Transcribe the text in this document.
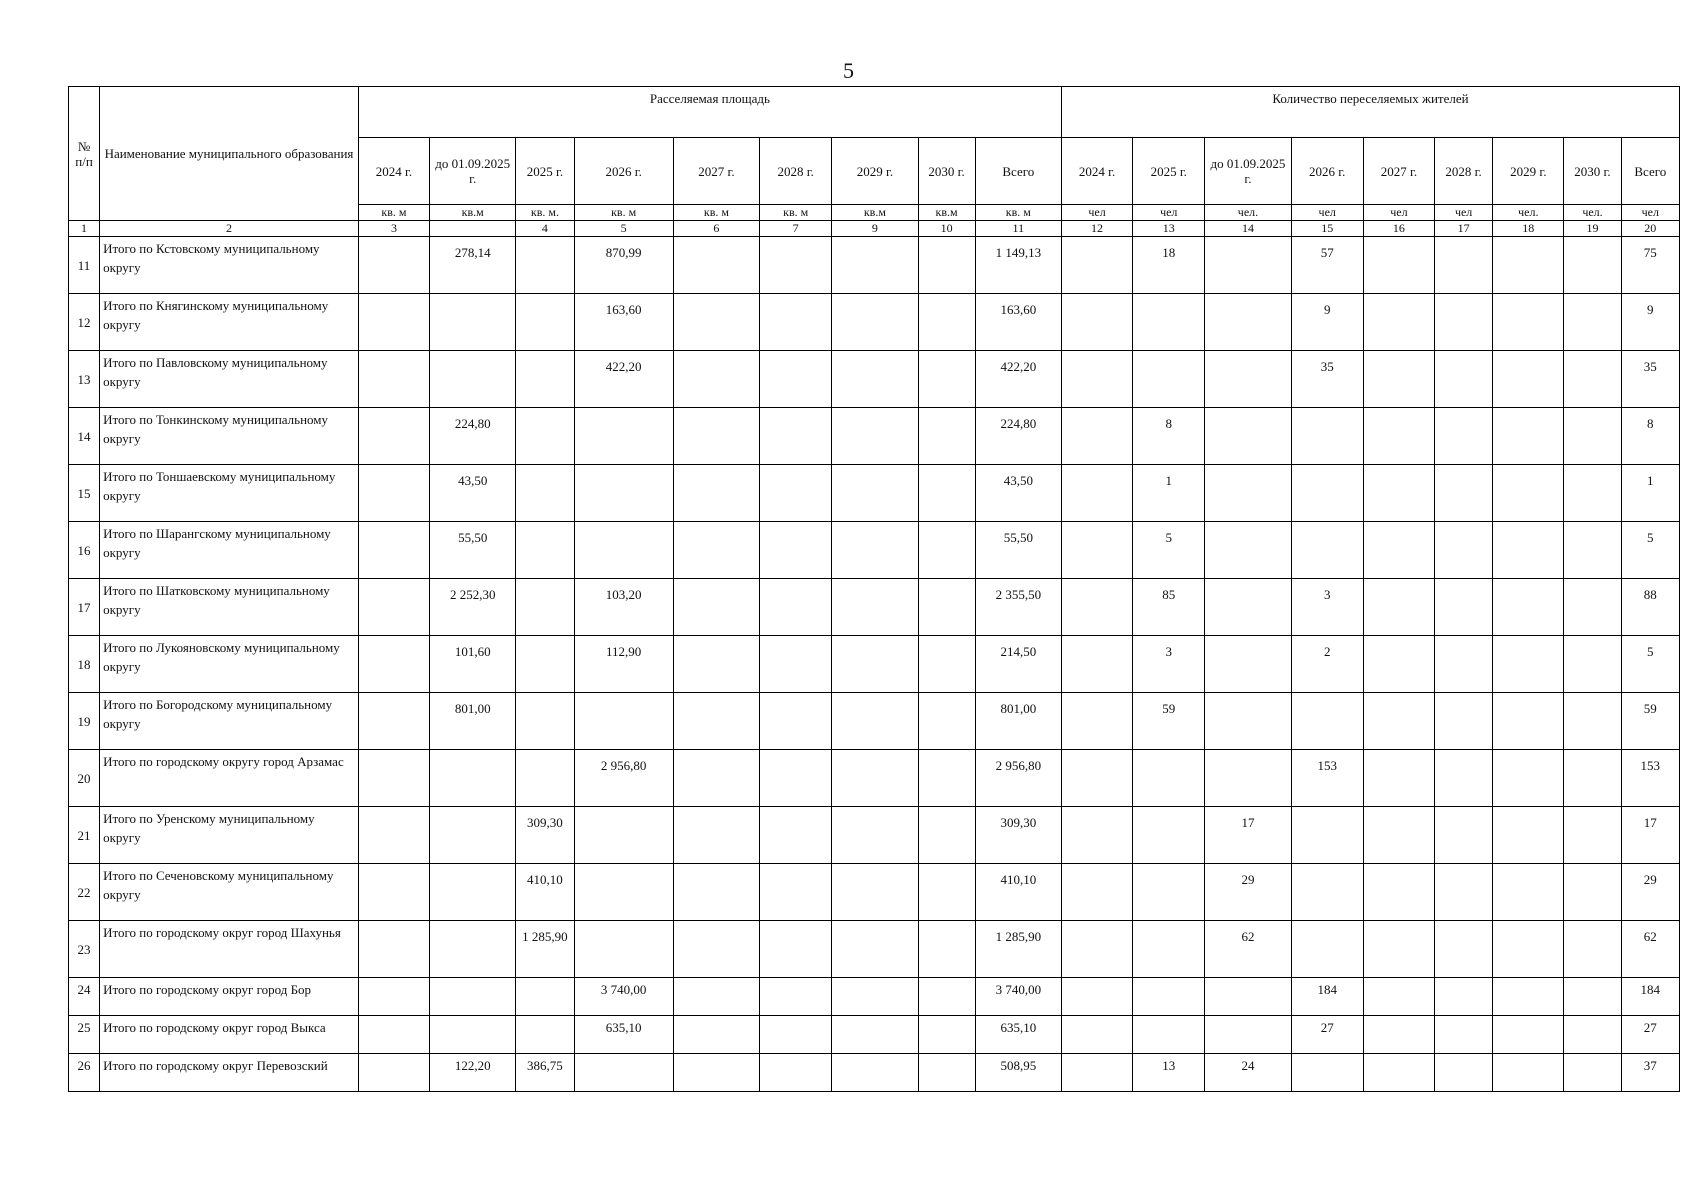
5
№ п/п	Наименование муниципального образования	Расселяемая площадь									Количество переселяемых жителей								
		2024 г.	до 01.09.2025 г.	2025 г.	2026 г.	2027 г.	2028 г.	2029 г.	2030 г.	Всего	2024 г.	2025 г.	до 01.09.2025 г.	2026 г.	2027 г.	2028 г.	2029 г.	2030 г.	Всего
		кв. м	кв.м	кв. м.	кв. м	кв. м	кв. м	кв.м	кв.м	кв. м	чел	чел	чел.	чел	чел	чел	чел.	чел.	чел
1	2	3		4	5	6	7	9	10	11	12	13	14	15	16	17	18	19	20
11	Итого по Кстовскому муниципальному округу		278,14		870,99					1 149,13		18		57					75
12	Итого по Княгинскому муниципальному округу				163,60					163,60				9					9
13	Итого по Павловскому муниципальному округу				422,20					422,20				35					35
14	Итого по Тонкинскому муниципальному округу		224,80							224,80		8							8
15	Итого по Тоншаевскому муниципальному округу		43,50							43,50		1							1
16	Итого по Шарангскому муниципальному округу		55,50							55,50		5							5
17	Итого по Шатковскому муниципальному округу		2 252,30		103,20					2 355,50		85		3					88
18	Итого по Лукояновскому муниципальному округу		101,60		112,90					214,50		3		2					5
19	Итого по Богородскому муниципальному округу		801,00							801,00		59							59
20	Итого по городскому округу город Арзамас				2 956,80					2 956,80				153					153
21	Итого по Уренскому муниципальному округу			309,30						309,30			17						17
22	Итого по Сеченовскому муниципальному округу			410,10						410,10			29						29
23	Итого по городскому округ город Шахунья			1 285,90						1 285,90			62						62
24	Итого по городскому округ город Бор				3 740,00					3 740,00				184					184
25	Итого по городскому округ город Выкса				635,10					635,10				27					27
26	Итого по городскому округ Перевозский		122,20	386,75						508,95		13	24						37
